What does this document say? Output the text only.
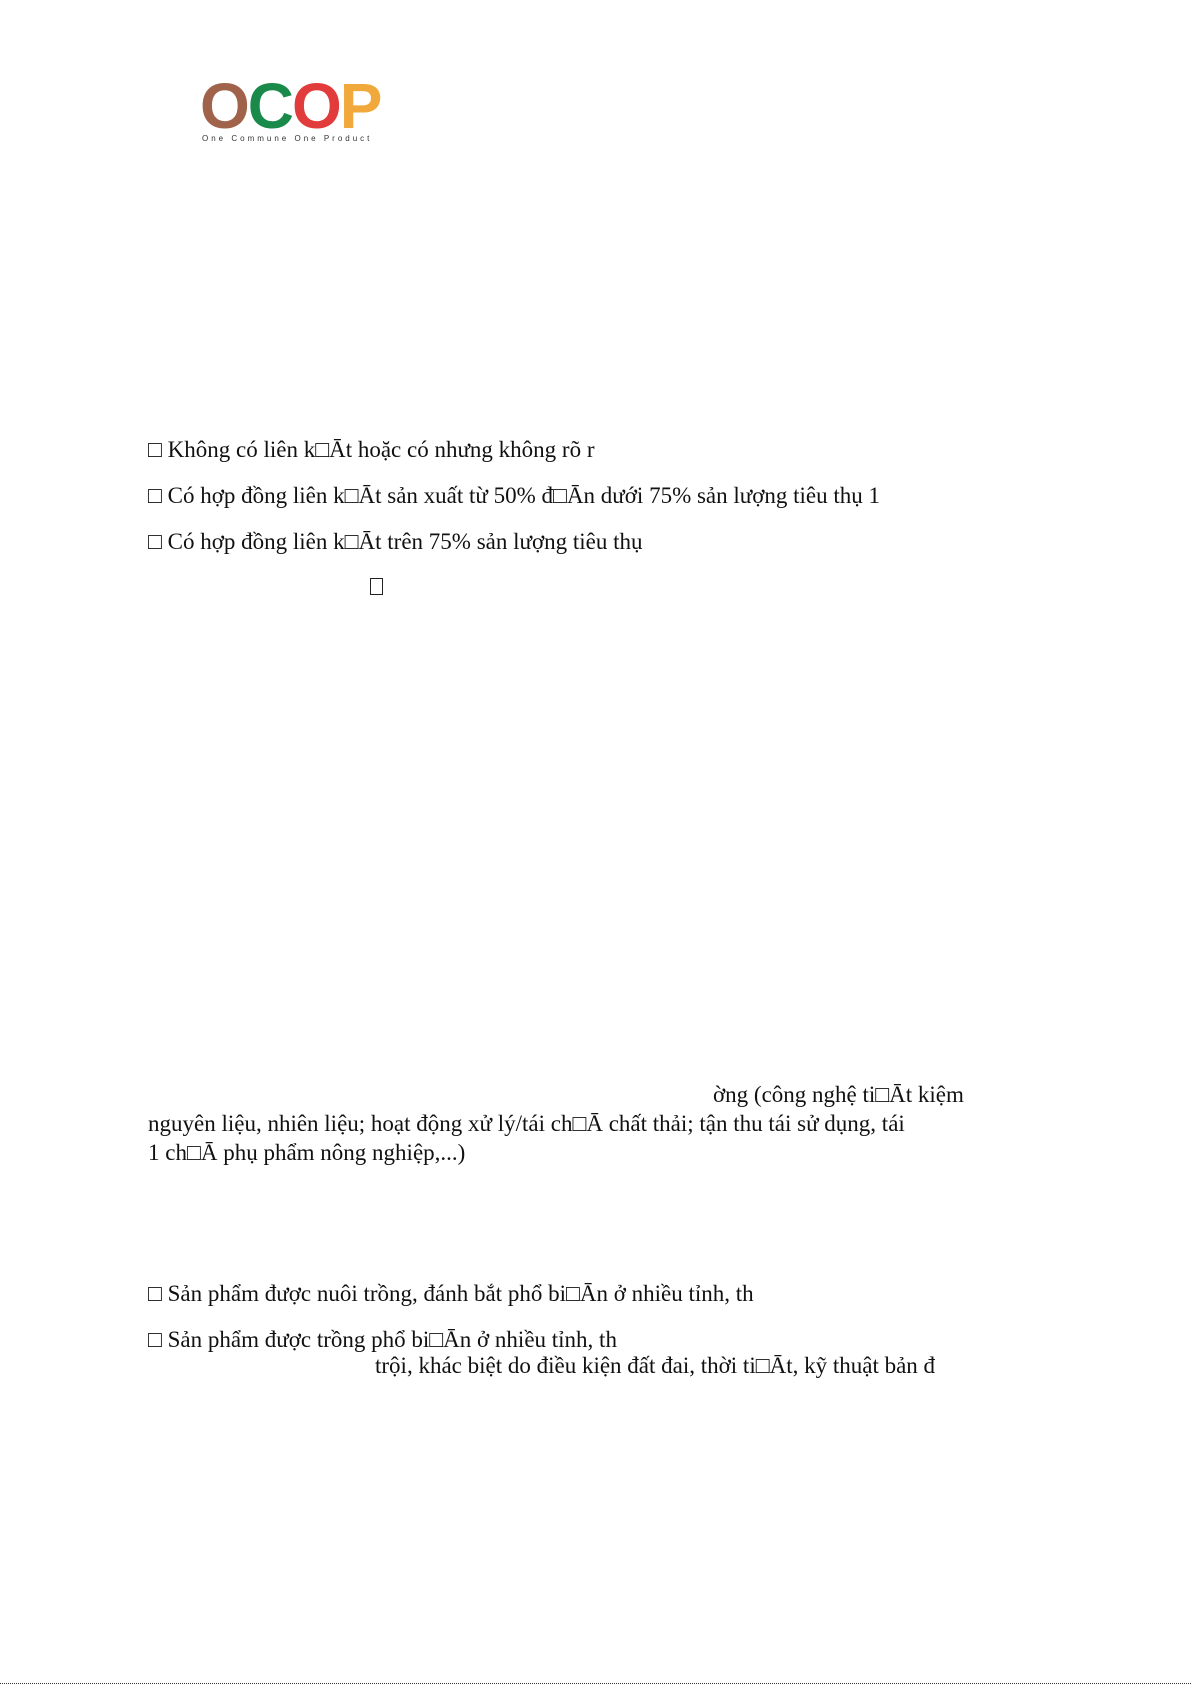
OCOP
One Commune One Product
□ Không có liên k□Āt hoặc có nhưng không rõ r
□ Có hợp đồng liên k□Āt sản xuất từ 50% đ□Ān dưới 75% sản lượng tiêu thụ 1
□ Có hợp đồng liên k□Āt trên 75% sản lượng tiêu thụ
ờng (công nghệ ti□Āt kiệm
nguyên liệu, nhiên liệu; hoạt động xử lý/tái ch□Ā chất thải; tận thu tái sử dụng, tái
1 ch□Ā phụ phẩm nông nghiệp,...)
□ Sản phẩm được nuôi trồng, đánh bắt phổ bi□Ān ở nhiều tỉnh, th
□ Sản phẩm được trồng phổ bi□Ān ở nhiều tỉnh, th
trội, khác biệt do điều kiện đất đai, thời ti□Āt, kỹ thuật bản đ
